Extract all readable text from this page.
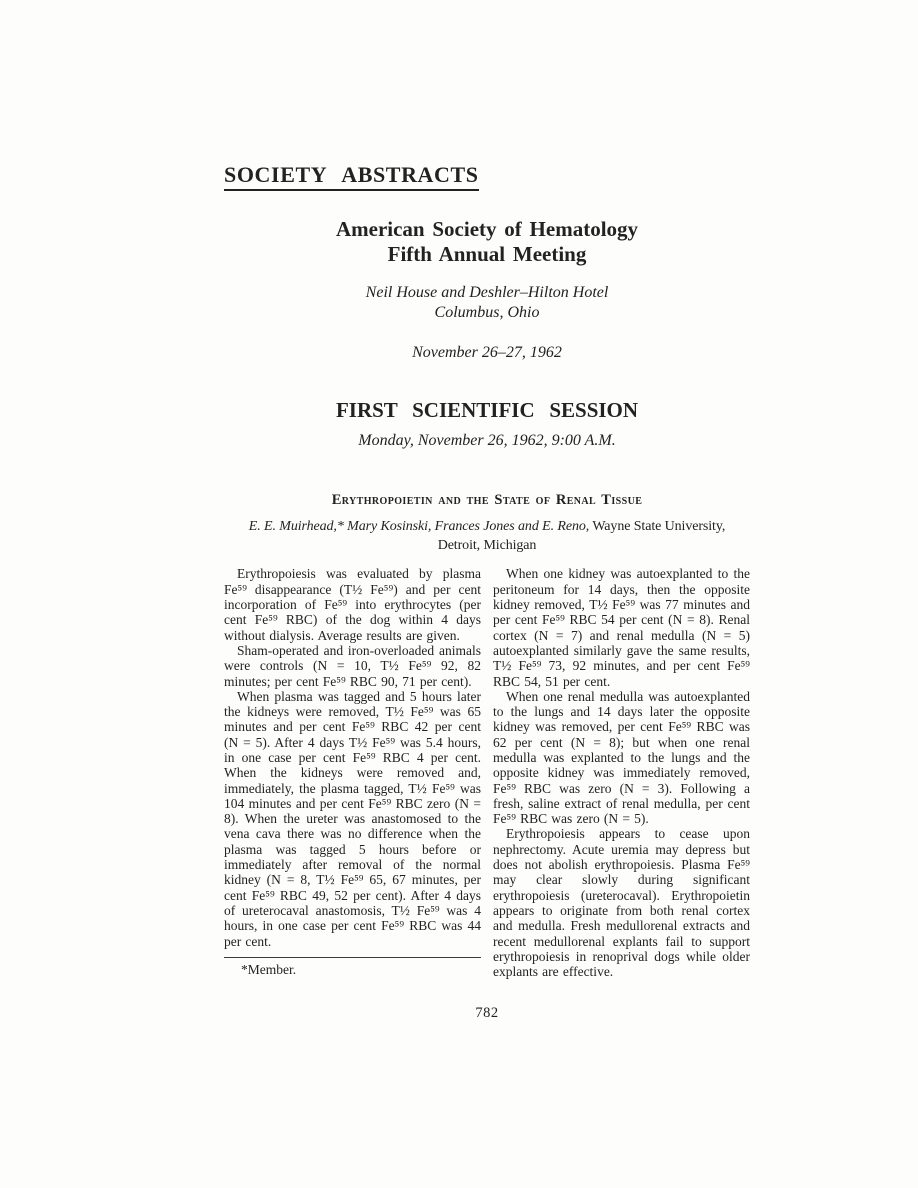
SOCIETY ABSTRACTS
American Society of Hematology
Fifth Annual Meeting
Neil House and Deshler–Hilton Hotel
Columbus, Ohio
November 26–27, 1962
FIRST SCIENTIFIC SESSION
Monday, November 26, 1962, 9:00 A.M.
Erythropoietin and the State of Renal Tissue
E. E. Muirhead,* Mary Kosinski, Frances Jones and E. Reno, Wayne State University,
Detroit, Michigan

Erythropoiesis was evaluated by plasma Fe⁵⁹ disappearance (T½ Fe⁵⁹) and per cent incorporation of Fe⁵⁹ into erythrocytes (per cent Fe⁵⁹ RBC) of the dog within 4 days without dialysis. Average results are given.

Sham-operated and iron-overloaded animals were controls (N = 10, T½ Fe⁵⁹ 92, 82 minutes; per cent Fe⁵⁹ RBC 90, 71 per cent).

When plasma was tagged and 5 hours later the kidneys were removed, T½ Fe⁵⁹ was 65 minutes and per cent Fe⁵⁹ RBC 42 per cent (N = 5). After 4 days T½ Fe⁵⁹ was 5.4 hours, in one case per cent Fe⁵⁹ RBC 4 per cent. When the kidneys were removed and, immediately, the plasma tagged, T½ Fe⁵⁹ was 104 minutes and per cent Fe⁵⁹ RBC zero (N = 8). When the ureter was anastomosed to the vena cava there was no difference when the plasma was tagged 5 hours before or immediately after removal of the normal kidney (N = 8, T½ Fe⁵⁹ 65, 67 minutes, per cent Fe⁵⁹ RBC 49, 52 per cent). After 4 days of ureterocaval anastomosis, T½ Fe⁵⁹ was 4 hours, in one case per cent Fe⁵⁹ RBC was 44 per cent.

*Member.

When one kidney was autoexplanted to the peritoneum for 14 days, then the opposite kidney removed, T½ Fe⁵⁹ was 77 minutes and per cent Fe⁵⁹ RBC 54 per cent (N = 8). Renal cortex (N = 7) and renal medulla (N = 5) autoexplanted similarly gave the same results, T½ Fe⁵⁹ 73, 92 minutes, and per cent Fe⁵⁹ RBC 54, 51 per cent.

When one renal medulla was autoexplanted to the lungs and 14 days later the opposite kidney was removed, per cent Fe⁵⁹ RBC was 62 per cent (N = 8); but when one renal medulla was explanted to the lungs and the opposite kidney was immediately removed, Fe⁵⁹ RBC was zero (N = 3). Following a fresh, saline extract of renal medulla, per cent Fe⁵⁹ RBC was zero (N = 5).

Erythropoiesis appears to cease upon nephrectomy. Acute uremia may depress but does not abolish erythropoiesis. Plasma Fe⁵⁹ may clear slowly during significant erythropoiesis (ureterocaval). Erythropoietin appears to originate from both renal cortex and medulla. Fresh medullorenal extracts and recent medullorenal explants fail to support erythropoiesis in renoprival dogs while older explants are effective.

782
